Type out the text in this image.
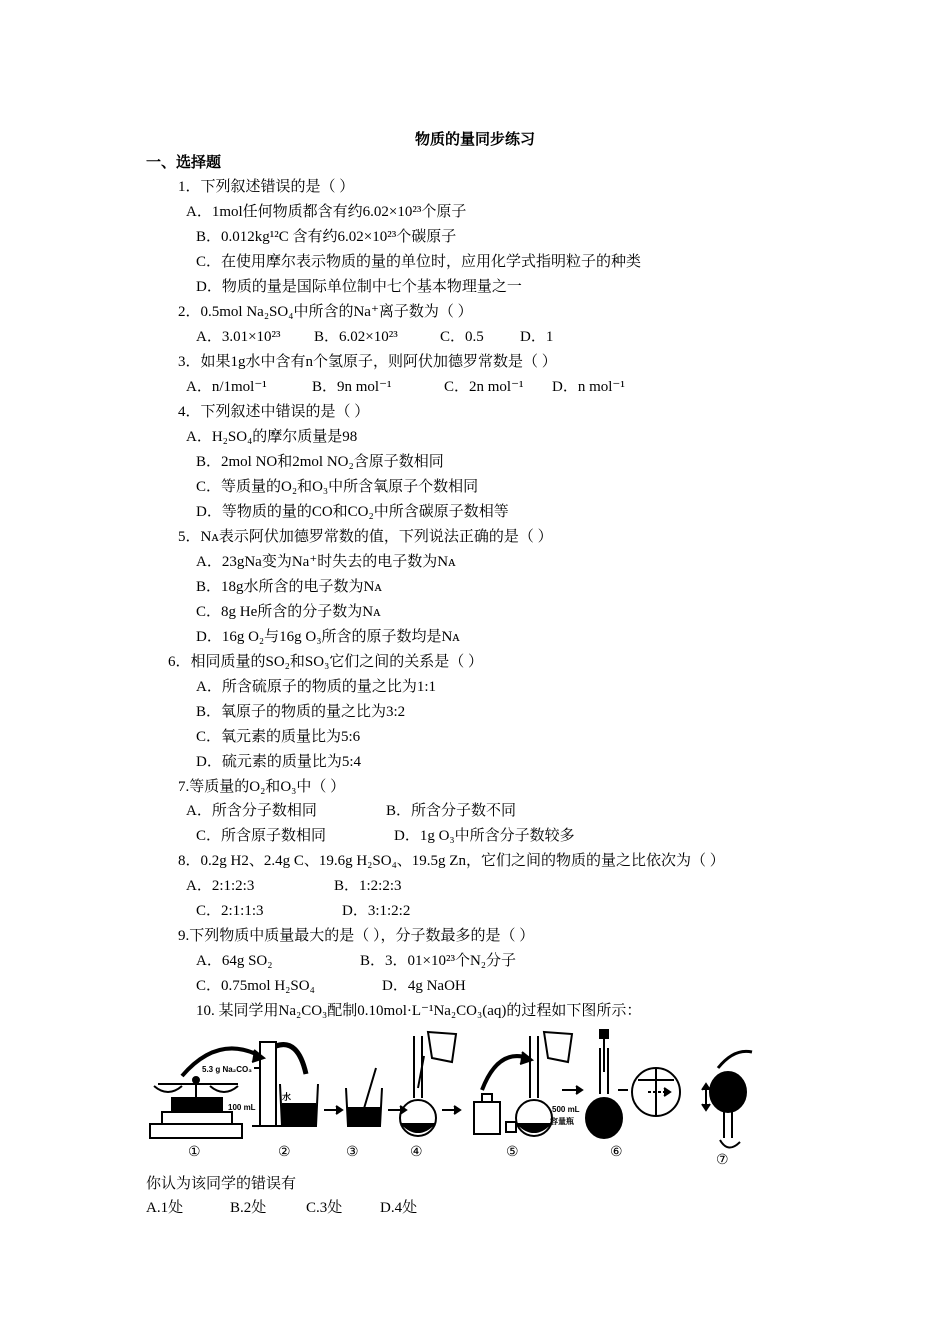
物质的量同步练习
一、选择题
1．下列叙述错误的是（ ）
A．1mol任何物质都含有约6.02×10²³个原子
B．0.012kg¹²C 含有约6.02×10²³个碳原子
C．在使用摩尔表示物质的量的单位时，应用化学式指明粒子的种类
D．物质的量是国际单位制中七个基本物理量之一
2．0.5mol Na₂SO₄中所含的Na⁺离子数为（ ）
A．3.01×10²³ B．6.02×10²³	C．0.5 D．1
3．如果1g水中含有n个氢原子，则阿伏加德罗常数是（ ）
A．n/1mol⁻¹	B．9n mol⁻¹	C．2n mol⁻¹ D．n mol⁻¹
4．下列叙述中错误的是（ ）
A．H₂SO₄的摩尔质量是98
B．2mol NO和2mol NO₂含原子数相同
C．等质量的O₂和O₃中所含氧原子个数相同
D．等物质的量的CO和CO₂中所含碳原子数相等
5．Nᴀ表示阿伏加德罗常数的值，下列说法正确的是（ ）
A．23gNa变为Na⁺时失去的电子数为Nᴀ
B．18g水所含的电子数为Nᴀ
C．8g He所含的分子数为Nᴀ
D．16g O₂与16g O₃所含的原子数均是Nᴀ
6．相同质量的SO₂和SO₃它们之间的关系是（ ）
A．所含硫原子的物质的量之比为1:1
B．氧原子的物质的量之比为3:2
C．氧元素的质量比为5:6
D．硫元素的质量比为5:4
7.等质量的O₂和O₃中（ ）
A．所含分子数相同	B．所含分子数不同
C．所含原子数相同	D．1g O₃中所含分子数较多
8．0.2g H2、2.4g C、19.6g H₂SO₄、19.5g Zn，它们之间的物质的量之比依次为（ ）
A．2:1:2:3	B．1:2:2:3
C．2:1:1:3	D．3:1:2:2
9.下列物质中质量最大的是（ ），分子数最多的是（ ）
A．64g SO₂	B．3．01×10²³个N₂分子
C．0.75mol H₂SO₄	D．4g NaOH
10. 某同学用Na₂CO₃配制0.10mol·L⁻¹Na₂CO₃(aq)的过程如下图所示：
5.3 g Na₂CO₃
水
100 mL	500 mL
容量瓶
①	②	③	④	⑤	⑥	⑦
你认为该同学的错误有
A.1处	B.2处	C.3处	D.4处
